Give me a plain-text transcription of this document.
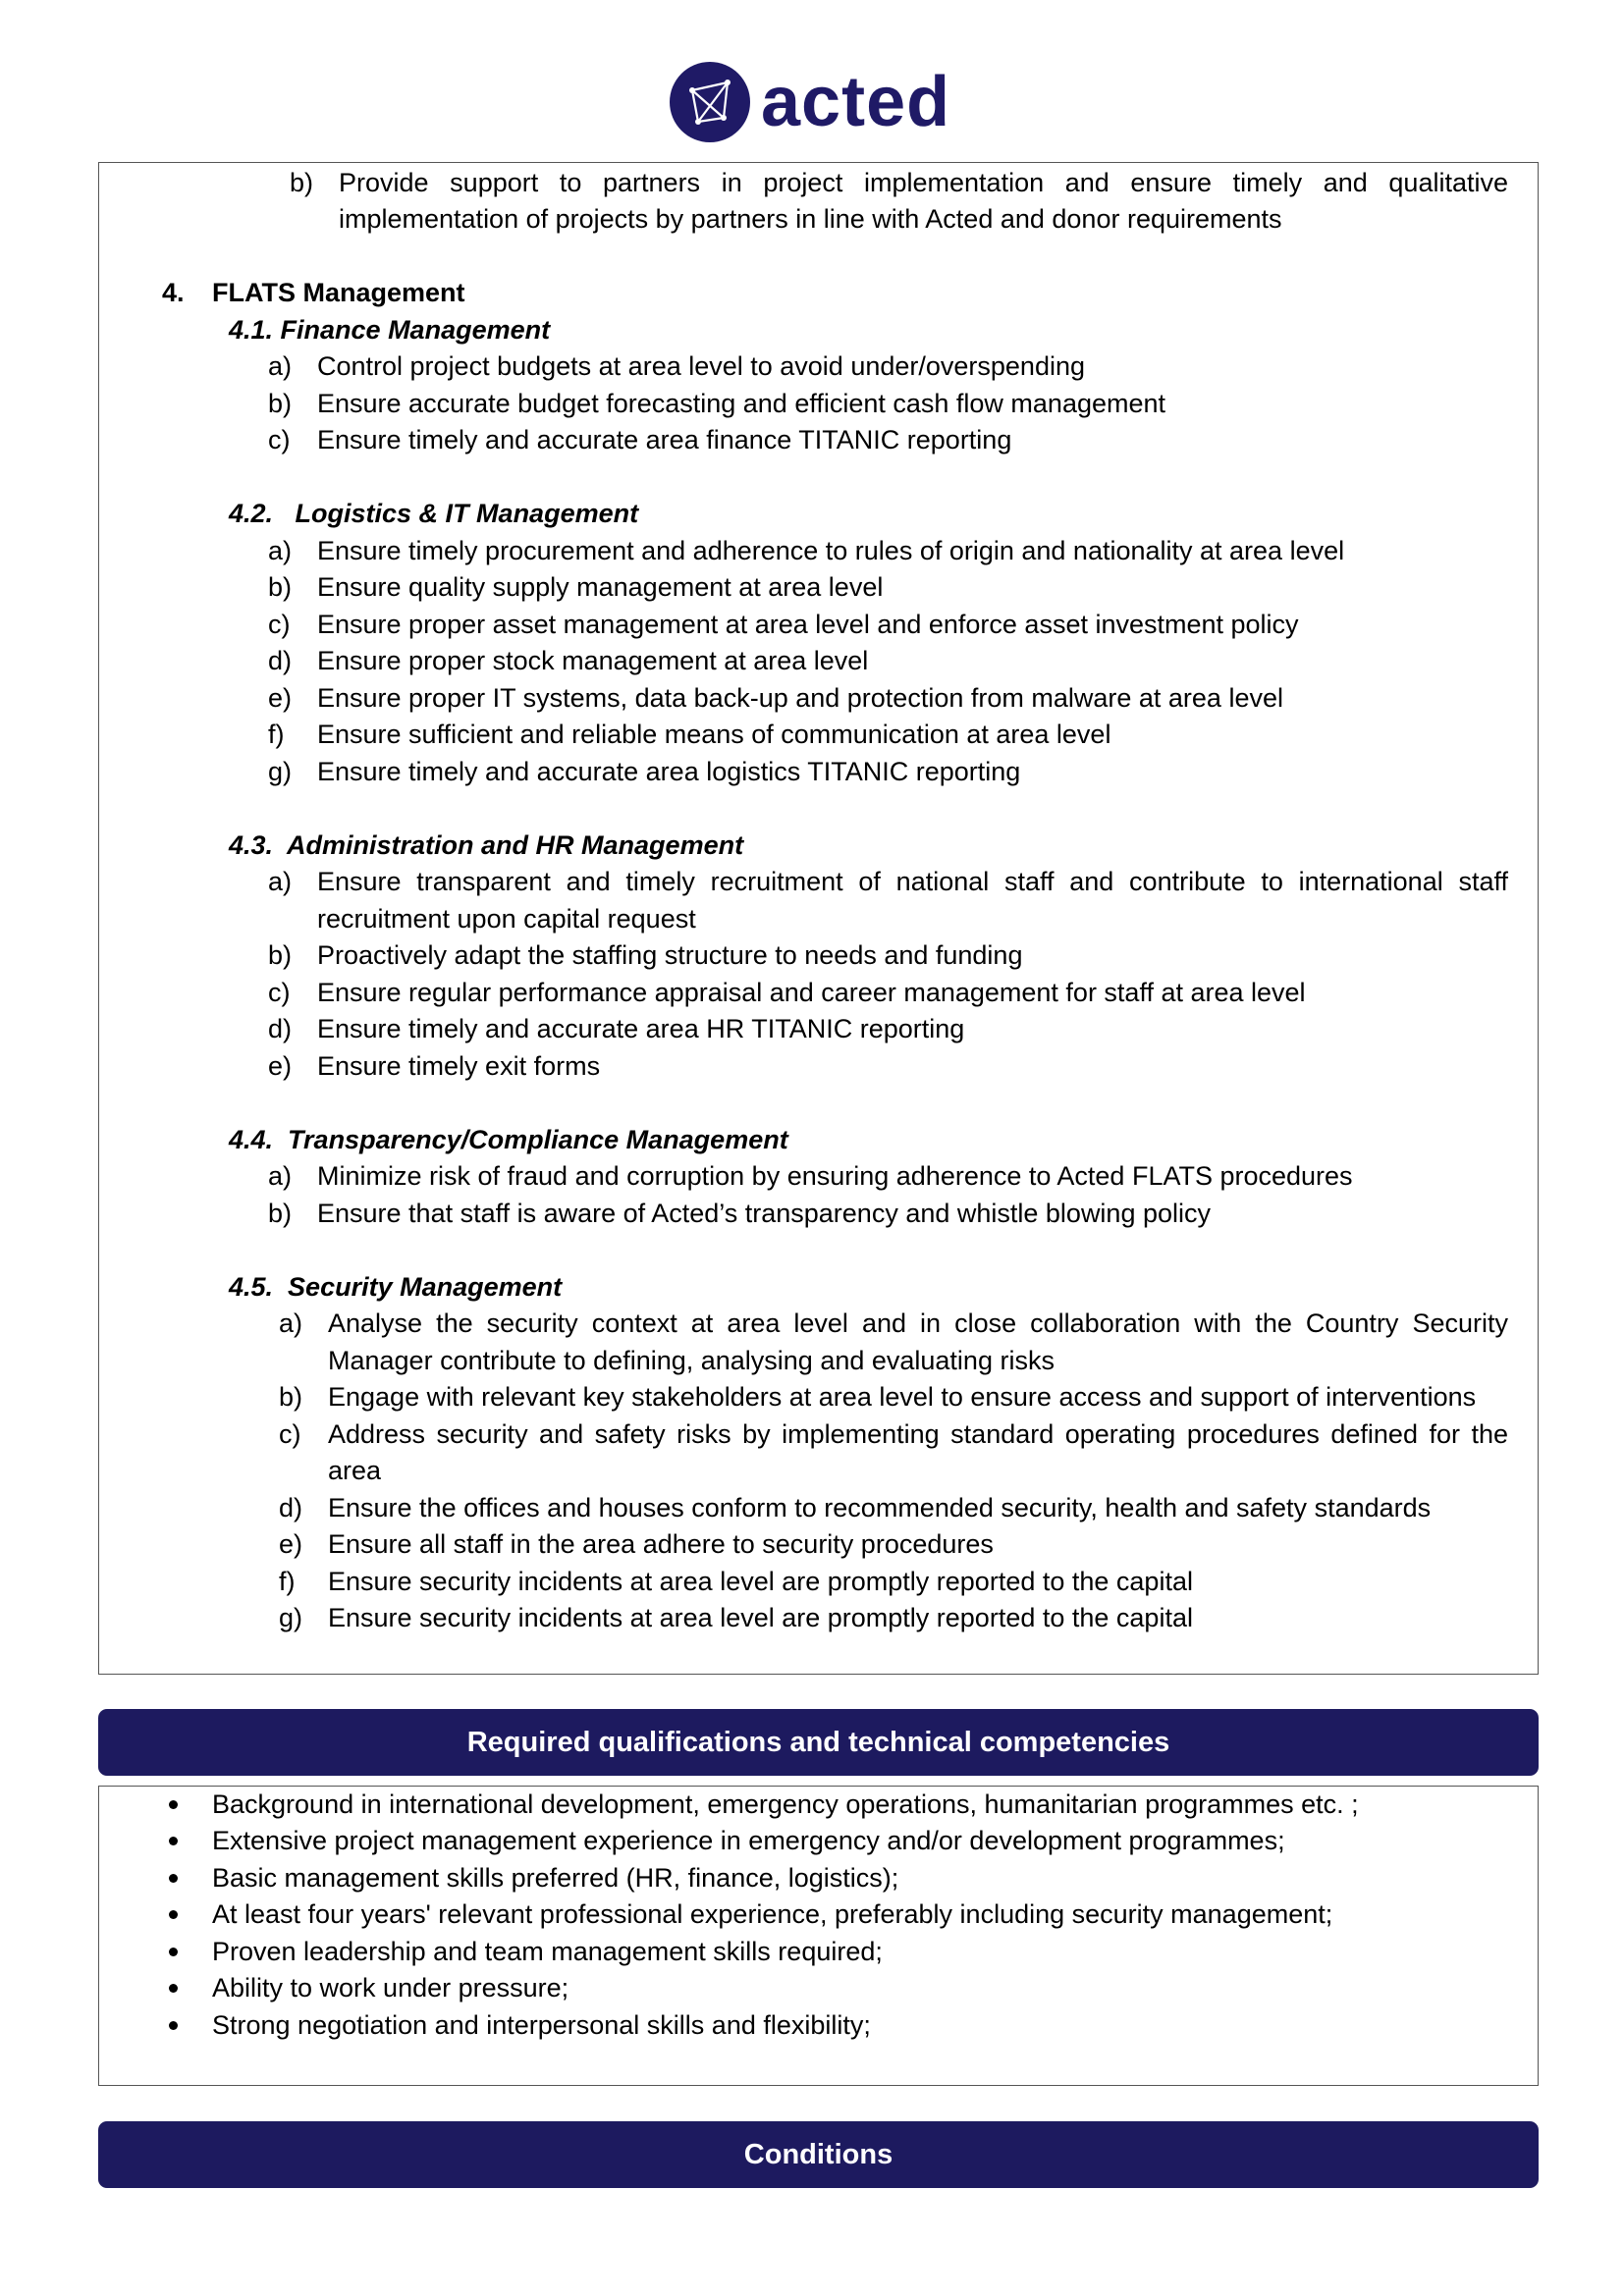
acted
b) Provide support to partners in project implementation and ensure timely and qualitative
implementation of projects by partners in line with Acted and donor requirements
4. FLATS Management
4.1. Finance Management
a) Control project budgets at area level to avoid under/overspending
b) Ensure accurate budget forecasting and efficient cash flow management
c) Ensure timely and accurate area finance TITANIC reporting
4.2.   Logistics & IT Management
a) Ensure timely procurement and adherence to rules of origin and nationality at area level
b) Ensure quality supply management at area level
c) Ensure proper asset management at area level and enforce asset investment policy
d) Ensure proper stock management at area level
e) Ensure proper IT systems, data back-up and protection from malware at area level
f) Ensure sufficient and reliable means of communication at area level
g) Ensure timely and accurate area logistics TITANIC reporting
4.3.  Administration and HR Management
a) Ensure transparent and timely recruitment of national staff and contribute to international staff
recruitment upon capital request
b) Proactively adapt the staffing structure to needs and funding
c) Ensure regular performance appraisal and career management for staff at area level
d) Ensure timely and accurate area HR TITANIC reporting
e) Ensure timely exit forms
4.4.  Transparency/Compliance Management
a) Minimize risk of fraud and corruption by ensuring adherence to Acted FLATS procedures
b) Ensure that staff is aware of Acted’s transparency and whistle blowing policy
4.5.  Security Management
a) Analyse the security context at area level and in close collaboration with the Country Security
Manager contribute to defining, analysing and evaluating risks
b) Engage with relevant key stakeholders at area level to ensure access and support of interventions
c) Address security and safety risks by implementing standard operating procedures defined for the
area
d) Ensure the offices and houses conform to recommended security, health and safety standards
e) Ensure all staff in the area adhere to security procedures
f) Ensure security incidents at area level are promptly reported to the capital
g) Ensure security incidents at area level are promptly reported to the capital
Required qualifications and technical competencies
Background in international development, emergency operations, humanitarian programmes etc. ;
Extensive project management experience in emergency and/or development programmes;
Basic management skills preferred (HR, finance, logistics);
At least four years' relevant professional experience, preferably including security management;
Proven leadership and team management skills required;
Ability to work under pressure;
Strong negotiation and interpersonal skills and flexibility;
Conditions
